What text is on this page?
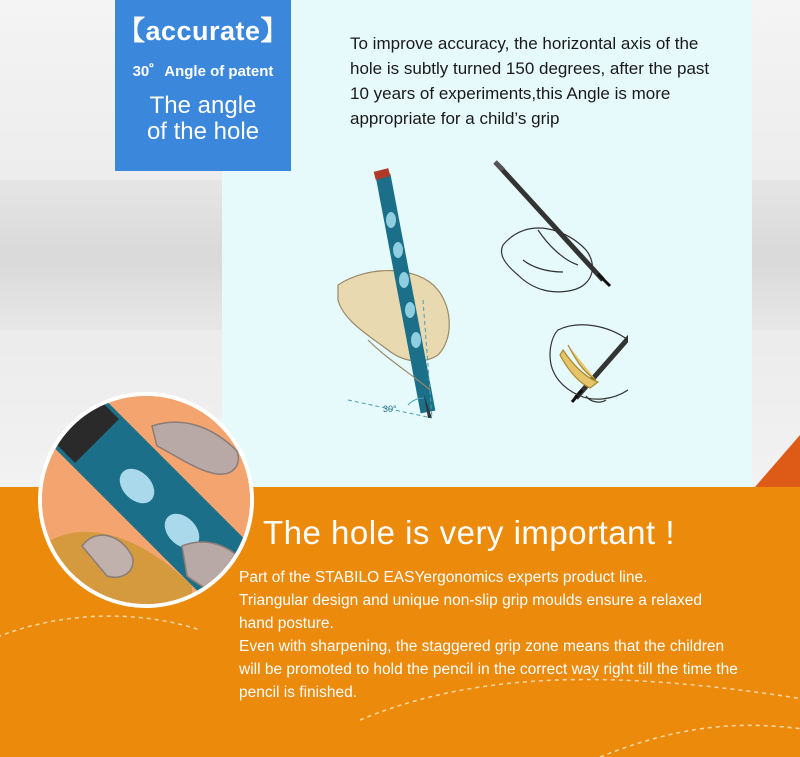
【accurate】
30゜Angle of patent
The angle
of the hole
To improve accuracy, the horizontal axis of the
hole is subtly turned 150 degrees, after the past
10 years of experiments,this Angle is more
appropriate for a child’s grip
30°
The hole is very important !
Part of the STABILO EASYergonomics experts product line.
Triangular design and unique non-slip grip moulds ensure a relaxed
hand posture.
Even with sharpening, the staggered grip zone means that the children
will be promoted to hold the pencil in the correct way right till the time the
pencil is finished.
